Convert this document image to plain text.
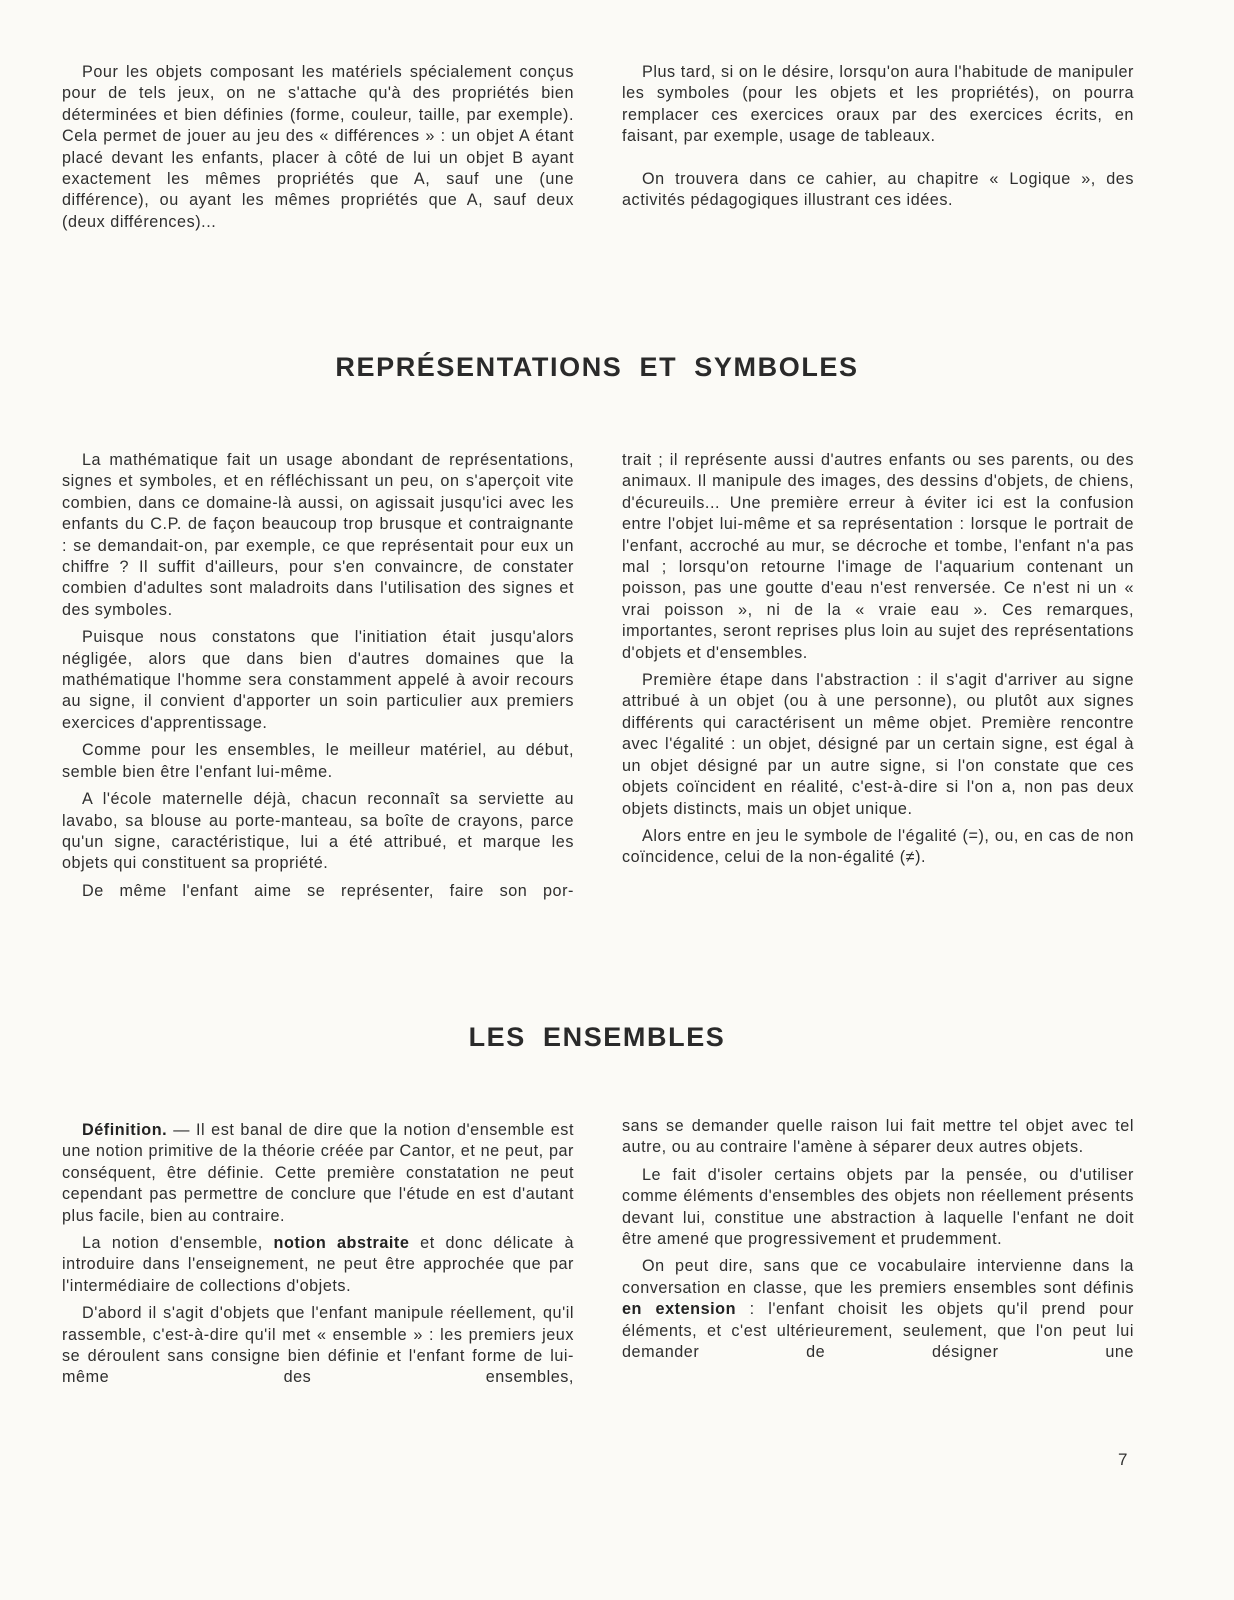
Pour les objets composant les matériels spécialement conçus pour de tels jeux, on ne s'attache qu'à des propriétés bien déterminées et bien définies (forme, couleur, taille, par exemple). Cela permet de jouer au jeu des « différences » : un objet A étant placé devant les enfants, placer à côté de lui un objet B ayant exactement les mêmes propriétés que A, sauf une (une différence), ou ayant les mêmes propriétés que A, sauf deux (deux différences)...

Plus tard, si on le désire, lorsqu'on aura l'habitude de manipuler les symboles (pour les objets et les propriétés), on pourra remplacer ces exercices oraux par des exercices écrits, en faisant, par exemple, usage de tableaux.

On trouvera dans ce cahier, au chapitre « Logique », des activités pédagogiques illustrant ces idées.

REPRÉSENTATIONS ET SYMBOLES

La mathématique fait un usage abondant de représentations, signes et symboles, et en réfléchissant un peu, on s'aperçoit vite combien, dans ce domaine-là aussi, on agissait jusqu'ici avec les enfants du C.P. de façon beaucoup trop brusque et contraignante : se demandait-on, par exemple, ce que représentait pour eux un chiffre ? Il suffit d'ailleurs, pour s'en convaincre, de constater combien d'adultes sont maladroits dans l'utilisation des signes et des symboles.

Puisque nous constatons que l'initiation était jusqu'alors négligée, alors que dans bien d'autres domaines que la mathématique l'homme sera constamment appelé à avoir recours au signe, il convient d'apporter un soin particulier aux premiers exercices d'apprentissage.

Comme pour les ensembles, le meilleur matériel, au début, semble bien être l'enfant lui-même.

A l'école maternelle déjà, chacun reconnaît sa serviette au lavabo, sa blouse au porte-manteau, sa boîte de crayons, parce qu'un signe, caractéristique, lui a été attribué, et marque les objets qui constituent sa propriété.

De même l'enfant aime se représenter, faire son por-

trait ; il représente aussi d'autres enfants ou ses parents, ou des animaux. Il manipule des images, des dessins d'objets, de chiens, d'écureuils... Une première erreur à éviter ici est la confusion entre l'objet lui-même et sa représentation : lorsque le portrait de l'enfant, accroché au mur, se décroche et tombe, l'enfant n'a pas mal ; lorsqu'on retourne l'image de l'aquarium contenant un poisson, pas une goutte d'eau n'est renversée. Ce n'est ni un « vrai poisson », ni de la « vraie eau ». Ces remarques, importantes, seront reprises plus loin au sujet des représentations d'objets et d'ensembles.

Première étape dans l'abstraction : il s'agit d'arriver au signe attribué à un objet (ou à une personne), ou plutôt aux signes différents qui caractérisent un même objet. Première rencontre avec l'égalité : un objet, désigné par un certain signe, est égal à un objet désigné par un autre signe, si l'on constate que ces objets coïncident en réalité, c'est-à-dire si l'on a, non pas deux objets distincts, mais un objet unique.

Alors entre en jeu le symbole de l'égalité (=), ou, en cas de non coïncidence, celui de la non-égalité (≠).

LES ENSEMBLES

Définition. — Il est banal de dire que la notion d'ensemble est une notion primitive de la théorie créée par Cantor, et ne peut, par conséquent, être définie. Cette première constatation ne peut cependant pas permettre de conclure que l'étude en est d'autant plus facile, bien au contraire.

La notion d'ensemble, notion abstraite et donc délicate à introduire dans l'enseignement, ne peut être approchée que par l'intermédiaire de collections d'objets.

D'abord il s'agit d'objets que l'enfant manipule réellement, qu'il rassemble, c'est-à-dire qu'il met « ensemble » : les premiers jeux se déroulent sans consigne bien définie et l'enfant forme de lui-même des ensembles,

sans se demander quelle raison lui fait mettre tel objet avec tel autre, ou au contraire l'amène à séparer deux autres objets.

Le fait d'isoler certains objets par la pensée, ou d'utiliser comme éléments d'ensembles des objets non réellement présents devant lui, constitue une abstraction à laquelle l'enfant ne doit être amené que progressivement et prudemment.

On peut dire, sans que ce vocabulaire intervienne dans la conversation en classe, que les premiers ensembles sont définis en extension : l'enfant choisit les objets qu'il prend pour éléments, et c'est ultérieurement, seulement, que l'on peut lui demander de désigner une

7
